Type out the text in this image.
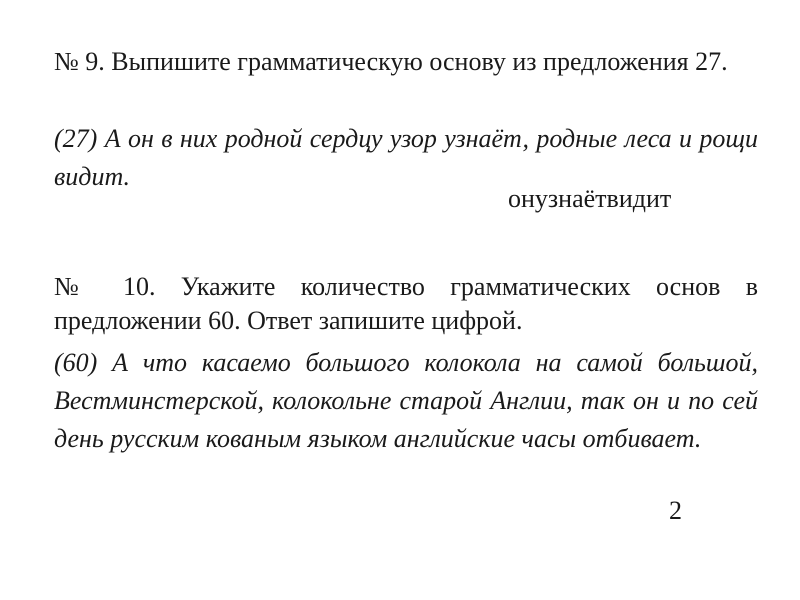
№ 9. Выпишите грамматическую основу из предложения 27.

(27) А он в них родной сердцу узор узнаёт, родные леса и рощи видит.

онузнаётвидит

№ 10. Укажите количество грамматических основ в предложении 60. Ответ запишите цифрой.

(60) А что касаемо большого колокола на самой большой, Вестминстерской, колокольне старой Англии, так он и по сей день русским кованым языком английские часы отбивает.

2
